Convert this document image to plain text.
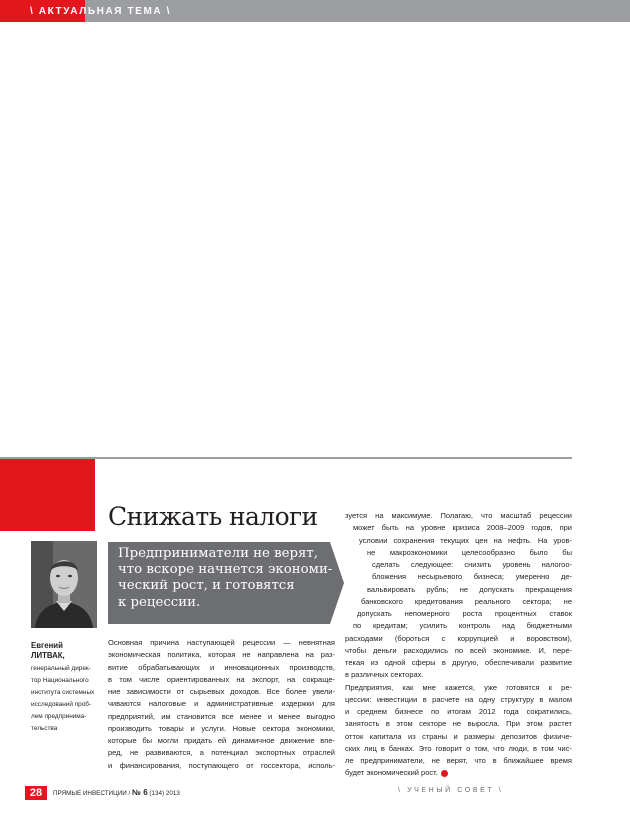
\ АКТУАЛЬНАЯ ТЕМА \
Снижать налоги
Предприниматели не верят,
что вскоре начнется экономи-
ческий рост, и готовятся
к рецессии.
Евгений
ЛИТВАК,
генеральный дирек-
тор Национального
института системных
исследований проб-
лем предпринима-
тельства
Основная причина наступающей рецессии — невнятная
экономическая политика, которая не направлена на раз-
витие обрабатывающих и инновационных производств,
в том числе ориентированных на экспорт, на сокраще-
ние зависимости от сырьевых доходов. Все более увели-
чиваются налоговые и административные издержки для
предприятий, им становится все менее и менее выгодно
производить товары и услуги. Новые сектора экономики,
которые бы могли придать ей динамичное движение впе-
ред, не развиваются, а потенциал экспортных отраслей
и финансирования, поступающего от госсектора, исполь-
зуется на максимуме. Полагаю, что масштаб рецессии
может быть на уровне кризиса 2008–2009 годов, при
условии сохранения текущих цен на нефть. На уров-
не макроэкономики целесообразно было бы
сделать следующее: снизить уровень налогоо-
бложения несырьевого бизнеса; умеренно де-
вальвировать рубль; не допускать прекращения
банковского кредитования реального сектора; не
допускать непомерного роста процентных ставок
по кредитам; усилить контроль над бюджетными
расходами (бороться с коррупцией и воровством),
чтобы деньги расходились по всей экономике. И, пере-
текая из одной сферы в другую, обеспечивали развитие
в различных секторах.
Предприятия, как мне кажется, уже готовятся к ре-
цессии: инвестиции в расчете на одну структуру в малом
и среднем бизнесе по итогам 2012 года сократились,
занятость в этом секторе не выросла. При этом растет
отток капитала из страны и размеры депозитов физиче-
ских лиц в банках. Это говорит о том, что люди, в том чис-
ле предприниматели, не верят, что в ближайшее время
будет экономический рост.
28	ПРЯМЫЕ ИНВЕСТИЦИИ / № 6 (134) 2013	\ УЧЕНЫЙ СОВЕТ \
